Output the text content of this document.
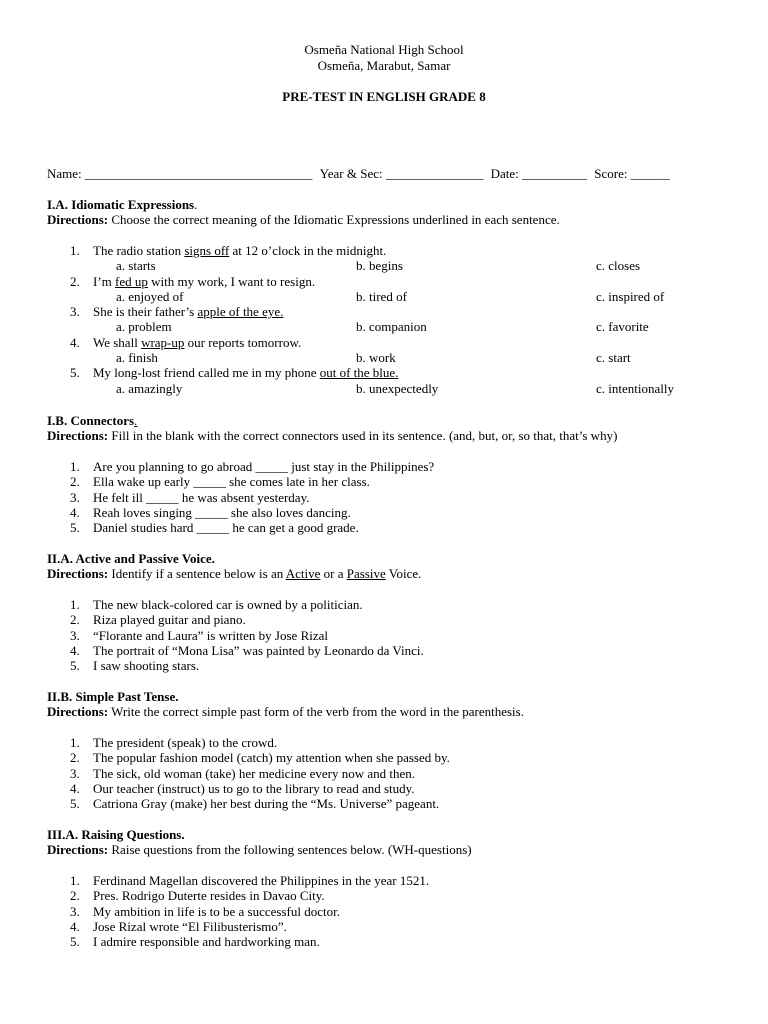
Osmeña National High School
Osmeña, Marabut, Samar
PRE-TEST IN ENGLISH GRADE 8
Name: ___________________________________ Year & Sec: _______________ Date: __________ Score: ______
I.A. Idiomatic Expressions.
Directions: Choose the correct meaning of the Idiomatic Expressions underlined in each sentence.
1. The radio station signs off at 12 o’clock in the midnight.
a. starts	b. begins	c. closes
2. I’m fed up with my work, I want to resign.
a. enjoyed of	b. tired of	c. inspired of
3. She is their father’s apple of the eye.
a. problem	b. companion	c. favorite
4. We shall wrap-up our reports tomorrow.
a. finish	b. work	c. start
5. My long-lost friend called me in my phone out of the blue.
a. amazingly	b. unexpectedly	c. intentionally
I.B. Connectors.
Directions: Fill in the blank with the correct connectors used in its sentence. (and, but, or, so that, that’s why)
1. Are you planning to go abroad _____ just stay in the Philippines?
2. Ella wake up early _____ she comes late in her class.
3. He felt ill _____ he was absent yesterday.
4. Reah loves singing _____ she also loves dancing.
5. Daniel studies hard _____ he can get a good grade.
II.A. Active and Passive Voice.
Directions: Identify if a sentence below is an Active or a Passive Voice.
1. The new black-colored car is owned by a politician.
2. Riza played guitar and piano.
3. “Florante and Laura” is written by Jose Rizal
4. The portrait of “Mona Lisa” was painted by Leonardo da Vinci.
5. I saw shooting stars.
II.B. Simple Past Tense.
Directions: Write the correct simple past form of the verb from the word in the parenthesis.
1. The president (speak) to the crowd.
2. The popular fashion model (catch) my attention when she passed by.
3. The sick, old woman (take) her medicine every now and then.
4. Our teacher (instruct) us to go to the library to read and study.
5. Catriona Gray (make) her best during the “Ms. Universe” pageant.
III.A. Raising Questions.
Directions: Raise questions from the following sentences below. (WH-questions)
1. Ferdinand Magellan discovered the Philippines in the year 1521.
2. Pres. Rodrigo Duterte resides in Davao City.
3. My ambition in life is to be a successful doctor.
4. Jose Rizal wrote “El Filibusterismo”.
5. I admire responsible and hardworking man.
